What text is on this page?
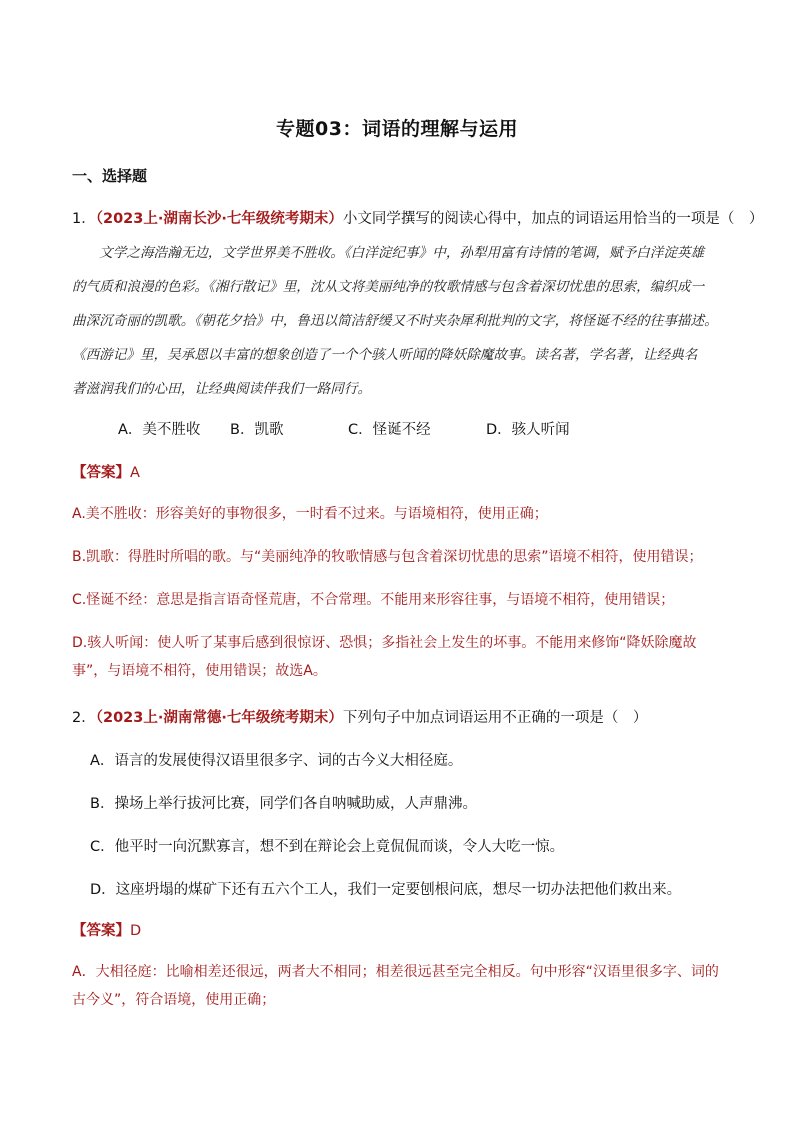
专题03：词语的理解与运用
一、选择题
1．（2023上·湖南长沙·七年级统考期末）小文同学撰写的阅读心得中，加点的词语运用恰当的一项是（　）

　　文学之海浩瀚无边，文学世界美不胜收。《白洋淀纪事》中，孙犁用富有诗情的笔调，赋予白洋淀英雄

的气质和浪漫的色彩。《湘行散记》里，沈从文将美丽纯净的牧歌情感与包含着深切忧患的思索，编织成一

曲深沉奇丽的凯歌。《朝花夕拾》中，鲁迅以简洁舒缓又不时夹杂犀利批判的文字，将怪诞不经的往事描述。

《西游记》里，吴承恩以丰富的想象创造了一个个骇人听闻的降妖除魔故事。读名著，学名著，让经典名

著滋润我们的心田，让经典阅读伴我们一路同行。

A．美不胜收 B．凯歌	C．怪诞不经	D．骇人听闻
【答案】A
A.美不胜收：形容美好的事物很多，一时看不过来。与语境相符，使用正确；
B.凯歌：得胜时所唱的歌。与“美丽纯净的牧歌情感与包含着深切忧患的思索”语境不相符，使用错误；
C.怪诞不经：意思是指言语奇怪荒唐，不合常理。不能用来形容往事，与语境不相符，使用错误；
D.骇人听闻：使人听了某事后感到很惊讶、恐惧；多指社会上发生的坏事。不能用来修饰“降妖除魔故事”，与语境不相符，使用错误；故选A。
2．（2023上·湖南常德·七年级统考期末）下列句子中加点词语运用不正确的一项是（　）
A．语言的发展使得汉语里很多字、词的古今义大相径庭。
B．操场上举行拔河比赛，同学们各自呐喊助威，人声鼎沸。
C．他平时一向沉默寡言，想不到在辩论会上竟侃侃而谈，令人大吃一惊。
D．这座坍塌的煤矿下还有五六个工人，我们一定要刨根问底，想尽一切办法把他们救出来。
【答案】D
A．大相径庭：比喻相差还很远，两者大不相同；相差很远甚至完全相反。句中形容“汉语里很多字、词的古今义”，符合语境，使用正确；
